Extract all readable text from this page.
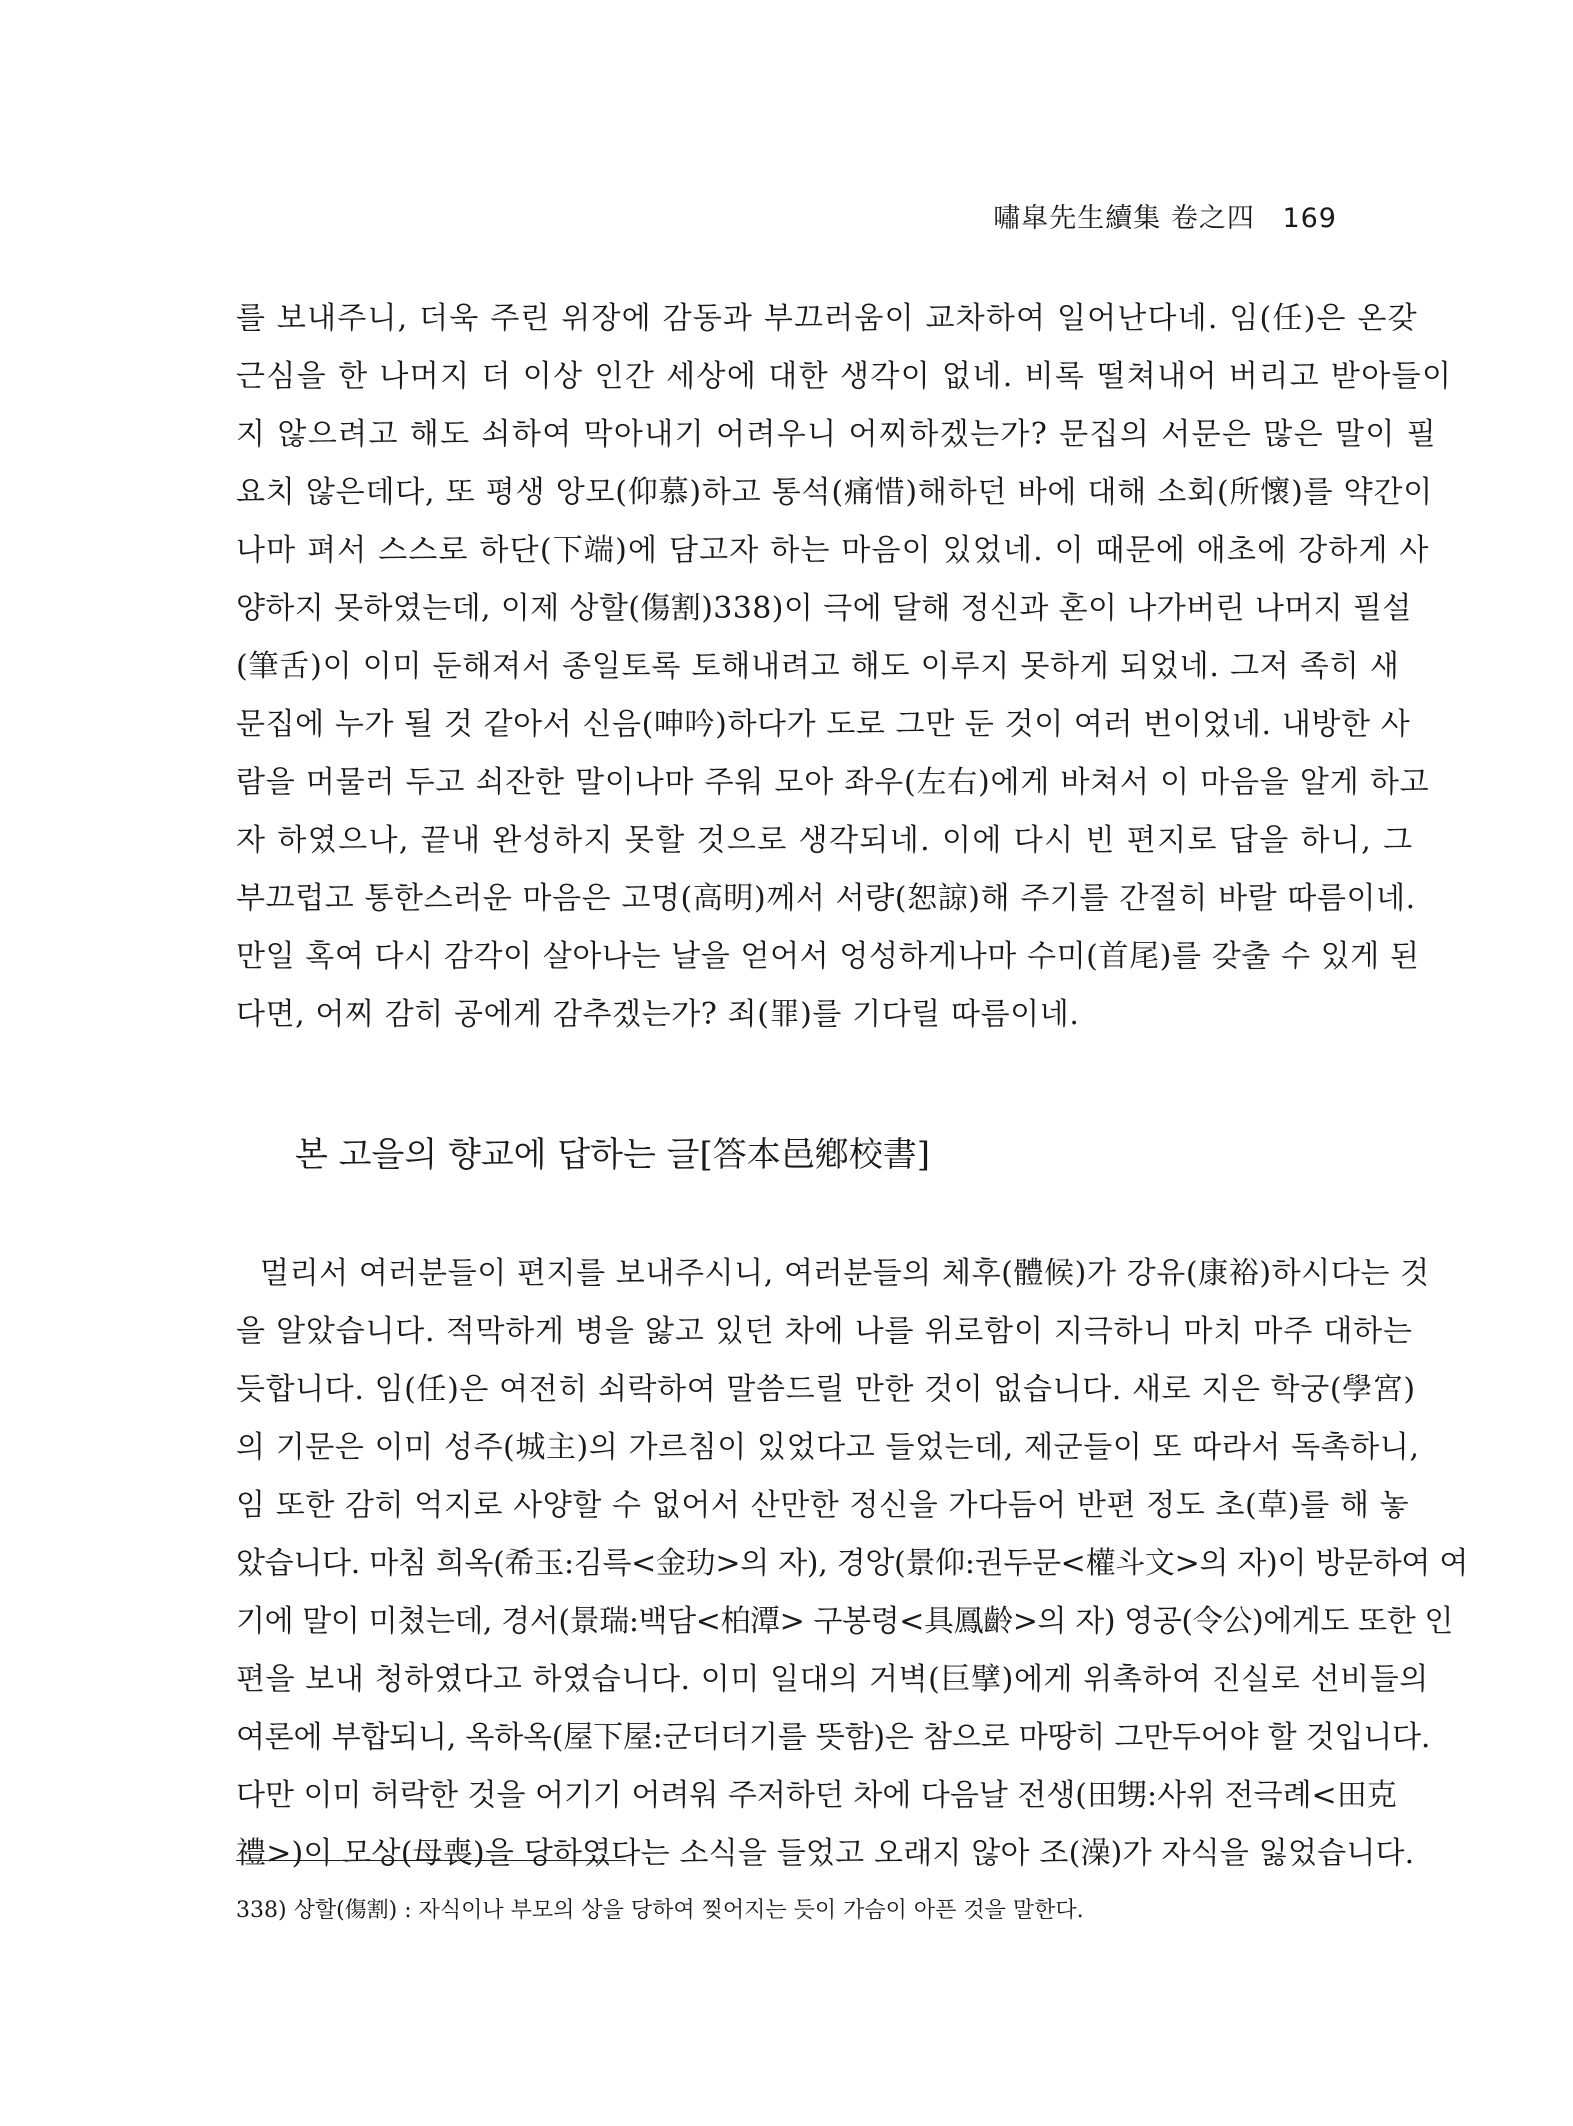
嘯皐先生續集 卷之四 169
를 보내주니, 더욱 주린 위장에 감동과 부끄러움이 교차하여 일어난다네. 임(任)은 온갖
근심을 한 나머지 더 이상 인간 세상에 대한 생각이 없네. 비록 떨쳐내어 버리고 받아들이
지 않으려고 해도 쇠하여 막아내기 어려우니 어찌하겠는가? 문집의 서문은 많은 말이 필
요치 않은데다, 또 평생 앙모(仰慕)하고 통석(痛惜)해하던 바에 대해 소회(所懷)를 약간이
나마 펴서 스스로 하단(下端)에 담고자 하는 마음이 있었네. 이 때문에 애초에 강하게 사
양하지 못하였는데, 이제 상할(傷割)338)이 극에 달해 정신과 혼이 나가버린 나머지 필설
(筆舌)이 이미 둔해져서 종일토록 토해내려고 해도 이루지 못하게 되었네. 그저 족히 새
문집에 누가 될 것 같아서 신음(呻吟)하다가 도로 그만 둔 것이 여러 번이었네. 내방한 사
람을 머물러 두고 쇠잔한 말이나마 주워 모아 좌우(左右)에게 바쳐서 이 마음을 알게 하고
자 하였으나, 끝내 완성하지 못할 것으로 생각되네. 이에 다시 빈 편지로 답을 하니, 그
부끄럽고 통한스러운 마음은 고명(高明)께서 서량(恕諒)해 주기를 간절히 바랄 따름이네.
만일 혹여 다시 감각이 살아나는 날을 얻어서 엉성하게나마 수미(首尾)를 갖출 수 있게 된
다면, 어찌 감히 공에게 감추겠는가? 죄(罪)를 기다릴 따름이네.
본 고을의 향교에 답하는 글[答本邑鄕校書]
멀리서 여러분들이 편지를 보내주시니, 여러분들의 체후(體候)가 강유(康裕)하시다는 것
을 알았습니다. 적막하게 병을 앓고 있던 차에 나를 위로함이 지극하니 마치 마주 대하는
듯합니다. 임(任)은 여전히 쇠락하여 말씀드릴 만한 것이 없습니다. 새로 지은 학궁(學宮)
의 기문은 이미 성주(城主)의 가르침이 있었다고 들었는데, 제군들이 또 따라서 독촉하니,
임 또한 감히 억지로 사양할 수 없어서 산만한 정신을 가다듬어 반편 정도 초(草)를 해 놓
았습니다. 마침 희옥(希玉:김륵<金玏>의 자), 경앙(景仰:권두문<權斗文>의 자)이 방문하여 여
기에 말이 미쳤는데, 경서(景瑞:백담<柏潭> 구봉령<具鳳齡>의 자) 영공(令公)에게도 또한 인
편을 보내 청하였다고 하였습니다. 이미 일대의 거벽(巨擘)에게 위촉하여 진실로 선비들의
여론에 부합되니, 옥하옥(屋下屋:군더더기를 뜻함)은 참으로 마땅히 그만두어야 할 것입니다.
다만 이미 허락한 것을 어기기 어려워 주저하던 차에 다음날 전생(田甥:사위 전극례<田克
禮>)이 모상(母喪)을 당하였다는 소식을 들었고 오래지 않아 조(澡)가 자식을 잃었습니다.
338) 상할(傷割) : 자식이나 부모의 상을 당하여 찢어지는 듯이 가슴이 아픈 것을 말한다.
